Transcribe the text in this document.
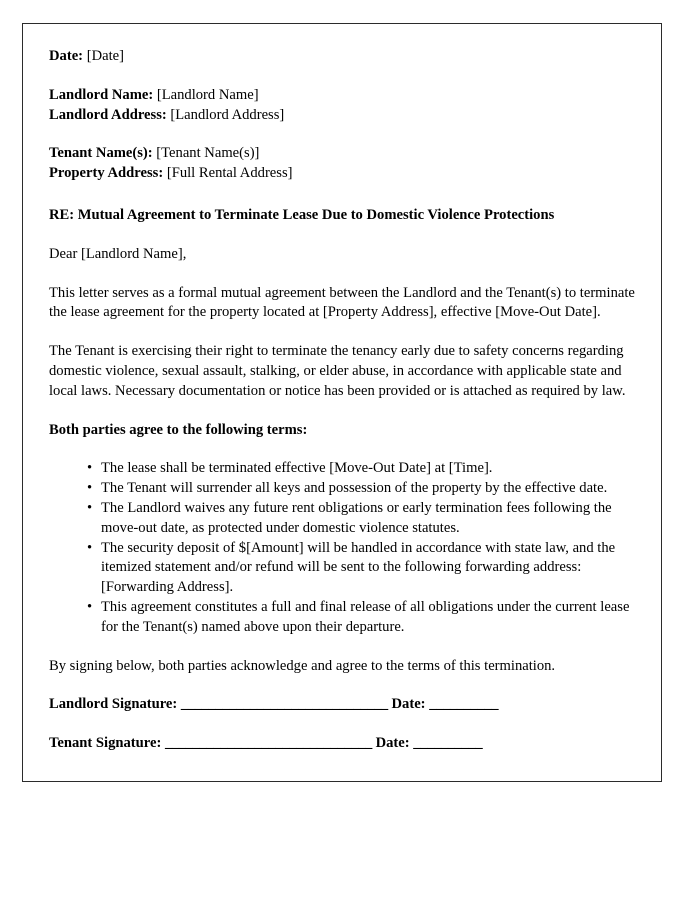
Date: [Date]
Landlord Name: [Landlord Name]
Landlord Address: [Landlord Address]
Tenant Name(s): [Tenant Name(s)]
Property Address: [Full Rental Address]
RE: Mutual Agreement to Terminate Lease Due to Domestic Violence Protections
Dear [Landlord Name],
This letter serves as a formal mutual agreement between the Landlord and the Tenant(s) to terminate the lease agreement for the property located at [Property Address], effective [Move-Out Date].
The Tenant is exercising their right to terminate the tenancy early due to safety concerns regarding domestic violence, sexual assault, stalking, or elder abuse, in accordance with applicable state and local laws. Necessary documentation or notice has been provided or is attached as required by law.
Both parties agree to the following terms:
• The lease shall be terminated effective [Move-Out Date] at [Time].
• The Tenant will surrender all keys and possession of the property by the effective date.
• The Landlord waives any future rent obligations or early termination fees following the move-out date, as protected under domestic violence statutes.
• The security deposit of $[Amount] will be handled in accordance with state law, and the itemized statement and/or refund will be sent to the following forwarding address: [Forwarding Address].
• This agreement constitutes a full and final release of all obligations under the current lease for the Tenant(s) named above upon their departure.
By signing below, both parties acknowledge and agree to the terms of this termination.
Landlord Signature: ______________________________ Date: __________
Tenant Signature: ______________________________ Date: __________
